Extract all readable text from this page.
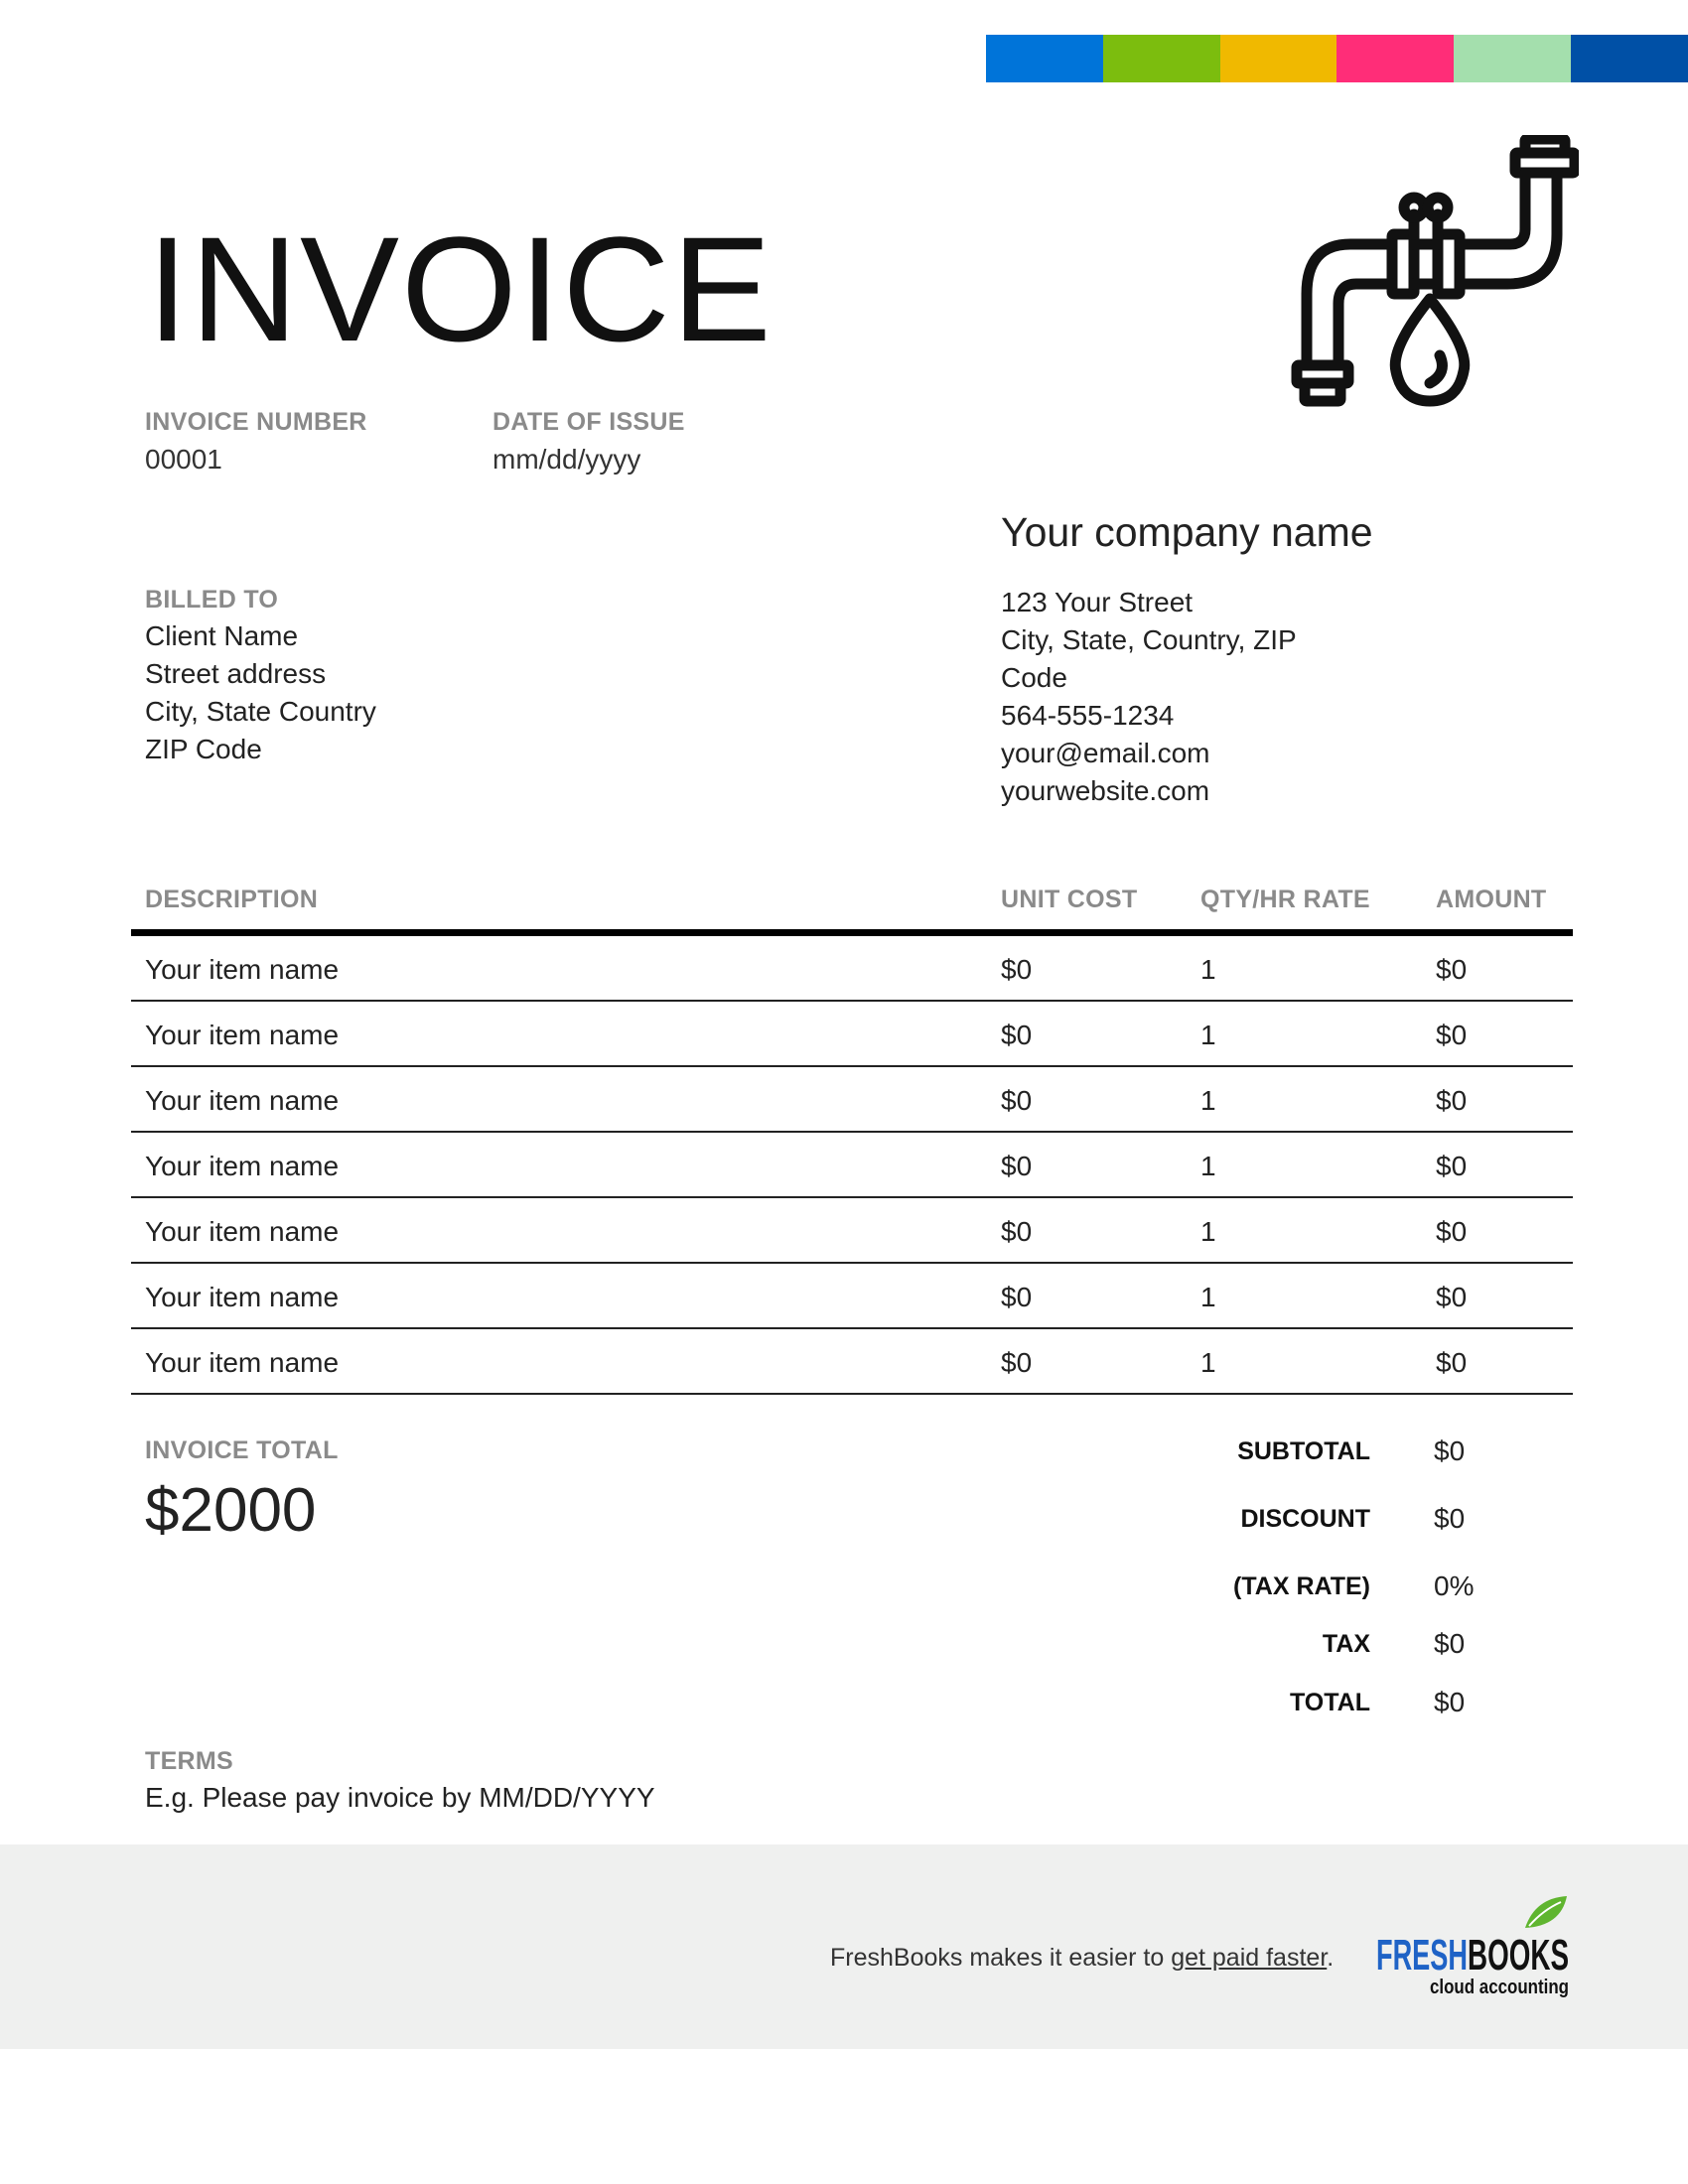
INVOICE
INVOICE NUMBER
00001
DATE OF ISSUE
mm/dd/yyyy
Your company name
123 Your Street
City, State, Country, ZIP
Code
564-555-1234
your@email.com
yourwebsite.com
BILLED TO
Client Name
Street address
City, State Country
ZIP Code
DESCRIPTION	UNIT COST	QTY/HR RATE	AMOUNT
Your item name	$0	1	$0
Your item name	$0	1	$0
Your item name	$0	1	$0
Your item name	$0	1	$0
Your item name	$0	1	$0
Your item name	$0	1	$0
Your item name	$0	1	$0
INVOICE TOTAL
$2000
SUBTOTAL $0
DISCOUNT $0
(TAX RATE) 0%
TAX $0
TOTAL $0
TERMS
E.g. Please pay invoice by MM/DD/YYYY
FreshBooks makes it easier to get paid faster. FRESH BOOKS
cloud accounting
